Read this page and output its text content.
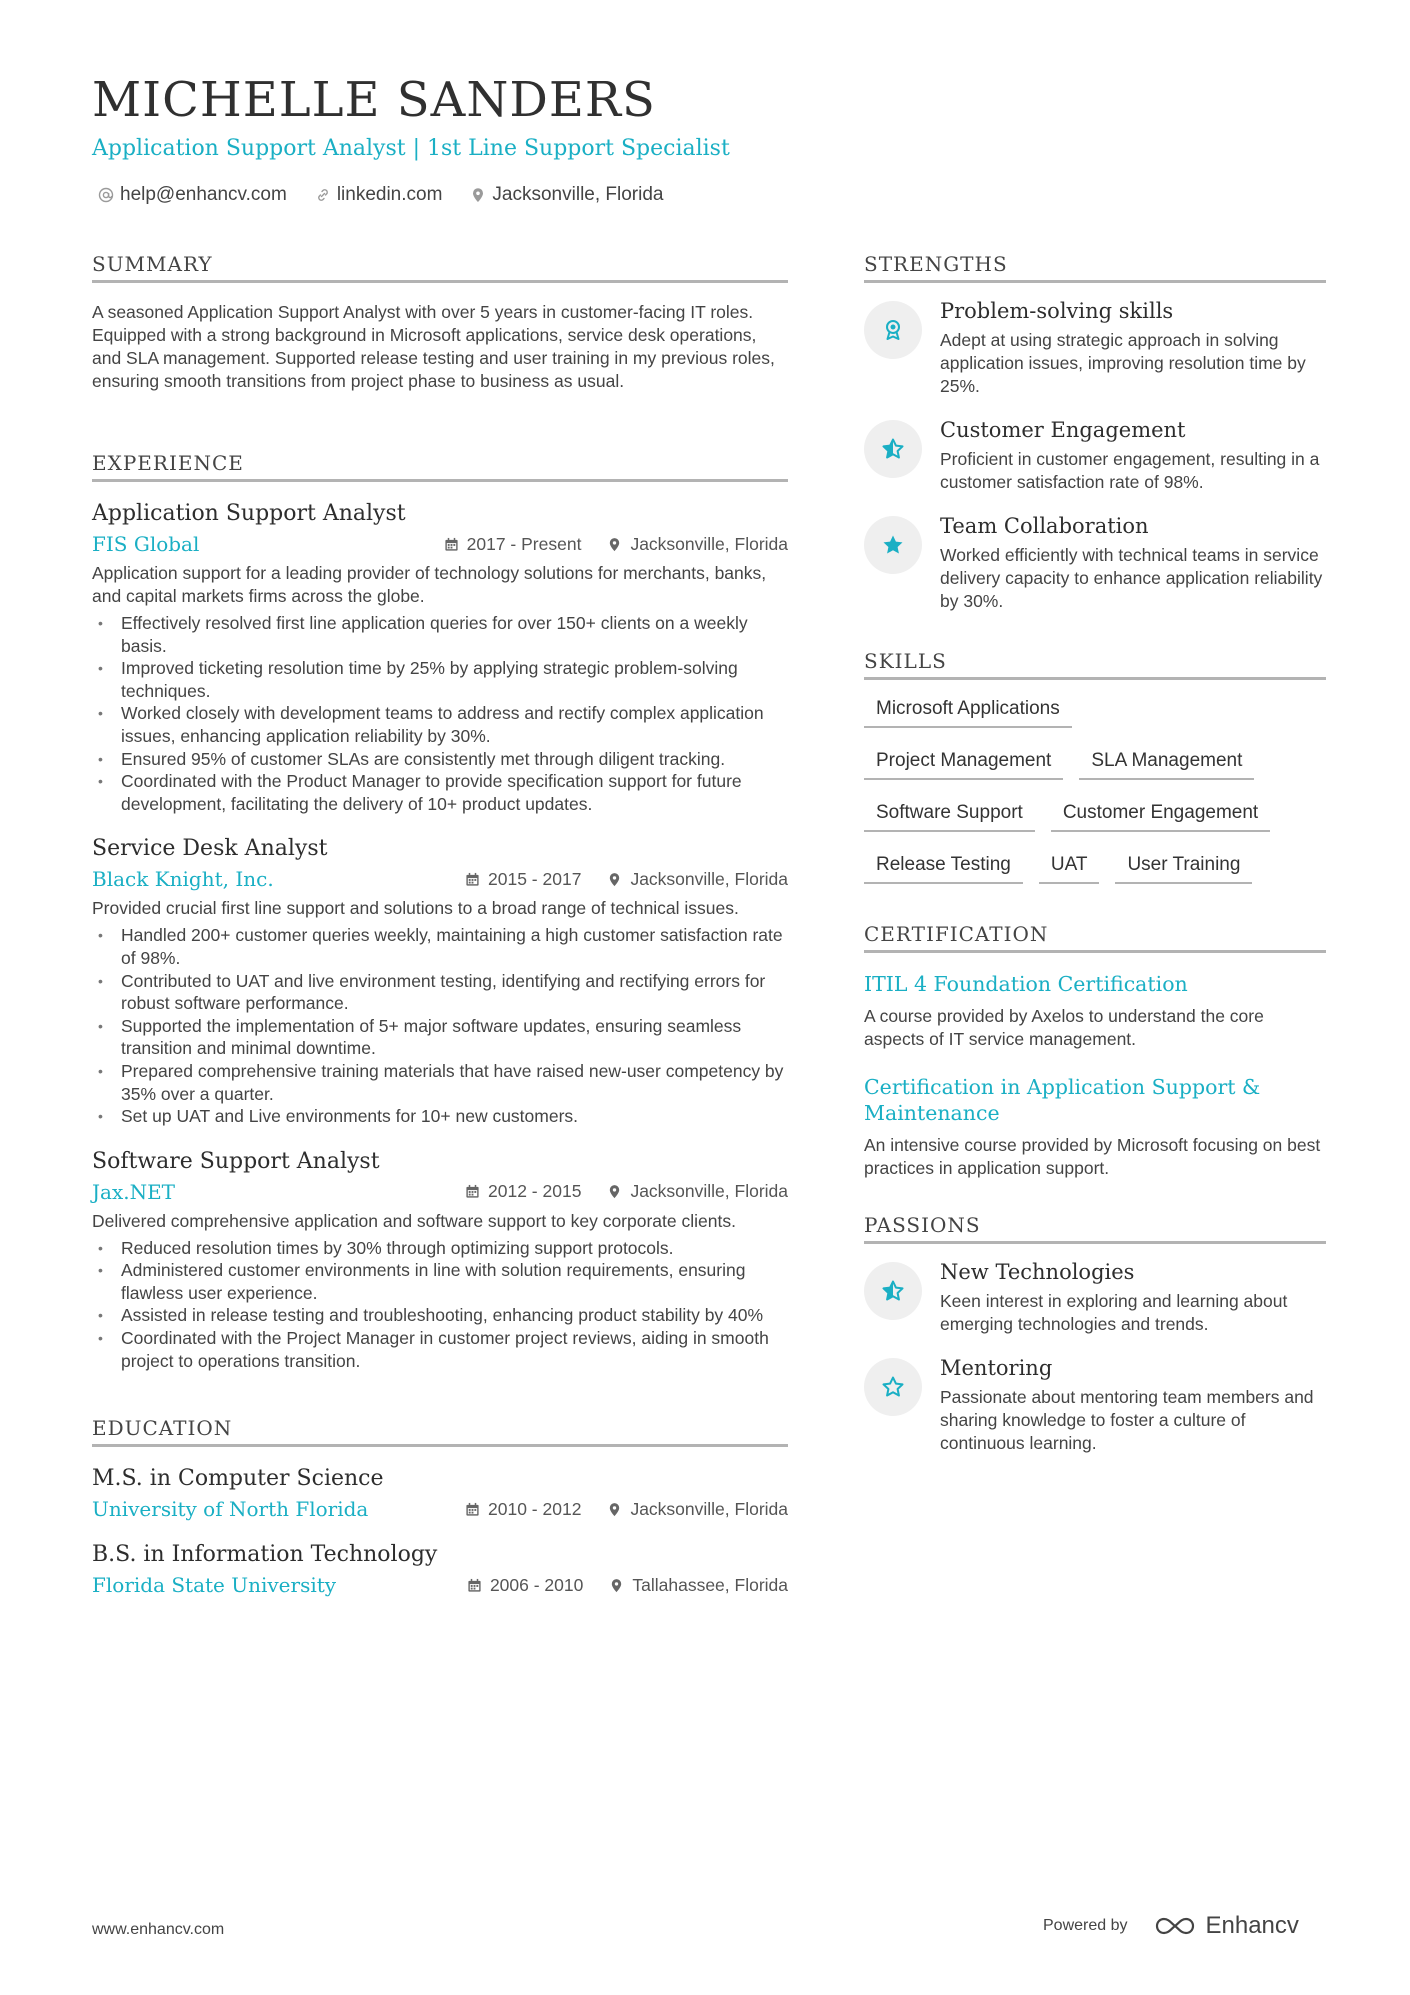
MICHELLE SANDERS
Application Support Analyst | 1st Line Support Specialist
help@enhancv.com	linkedin.com	Jacksonville, Florida
SUMMARY

A seasoned Application Support Analyst with over 5 years in customer-facing IT roles. Equipped with a strong background in Microsoft applications, service desk operations, and SLA management. Supported release testing and user training in my previous roles, ensuring smooth transitions from project phase to business as usual.

EXPERIENCE
Application Support Analyst
FIS Global	2017 - Present	Jacksonville, Florida

Application support for a leading provider of technology solutions for merchants, banks, and capital markets firms across the globe.

• Effectively resolved first line application queries for over 150+ clients on a weekly basis.
• Improved ticketing resolution time by 25% by applying strategic problem-solving techniques.
• Worked closely with development teams to address and rectify complex application issues, enhancing application reliability by 30%.
• Ensured 95% of customer SLAs are consistently met through diligent tracking.
• Coordinated with the Product Manager to provide specification support for future development, facilitating the delivery of 10+ product updates.
Service Desk Analyst
Black Knight, Inc.	2015 - 2017	Jacksonville, Florida

Provided crucial first line support and solutions to a broad range of technical issues.

• Handled 200+ customer queries weekly, maintaining a high customer satisfaction rate of 98%.
• Contributed to UAT and live environment testing, identifying and rectifying errors for robust software performance.
• Supported the implementation of 5+ major software updates, ensuring seamless transition and minimal downtime.
• Prepared comprehensive training materials that have raised new-user competency by 35% over a quarter.
• Set up UAT and Live environments for 10+ new customers.
Software Support Analyst
Jax.NET	2012 - 2015	Jacksonville, Florida

Delivered comprehensive application and software support to key corporate clients.

• Reduced resolution times by 30% through optimizing support protocols.
• Administered customer environments in line with solution requirements, ensuring flawless user experience.
• Assisted in release testing and troubleshooting, enhancing product stability by 40%
• Coordinated with the Project Manager in customer project reviews, aiding in smooth project to operations transition.
EDUCATION
M.S. in Computer Science
University of North Florida	2010 - 2012	Jacksonville, Florida
B.S. in Information Technology
Florida State University	2006 - 2010	Tallahassee, Florida
STRENGTHS
Problem-solving skills
Adept at using strategic approach in solving application issues, improving resolution time by 25%.
Customer Engagement
Proficient in customer engagement, resulting in a customer satisfaction rate of 98%.
Team Collaboration
Worked efficiently with technical teams in service delivery capacity to enhance application reliability by 30%.
SKILLS
Microsoft Applications
Project Management	SLA Management
Software Support	Customer Engagement
Release Testing	UAT	User Training
CERTIFICATION
ITIL 4 Foundation Certification
A course provided by Axelos to understand the core aspects of IT service management.
Certification in Application Support & Maintenance
An intensive course provided by Microsoft focusing on best practices in application support.
PASSIONS
New Technologies
Keen interest in exploring and learning about emerging technologies and trends.
Mentoring
Passionate about mentoring team members and sharing knowledge to foster a culture of continuous learning.
www.enhancv.com	Powered by	Enhancv
